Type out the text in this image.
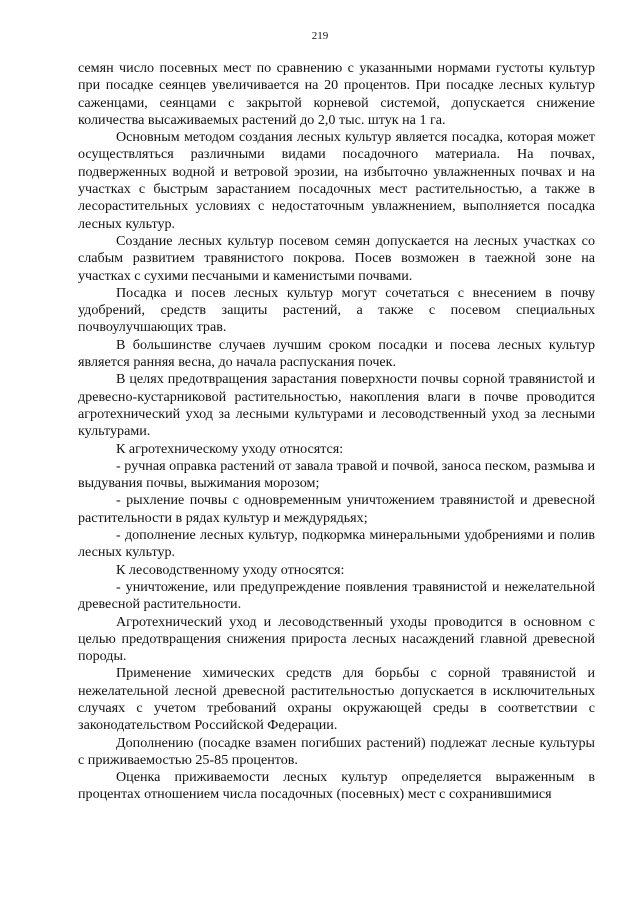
219

семян число посевных мест по сравнению с указанными нормами густоты культур при посадке сеянцев увеличивается на 20 процентов. При посадке лесных культур саженцами, сеянцами с закрытой корневой системой, допускается снижение количества высаживаемых растений до 2,0 тыс. штук на 1 га.

Основным методом создания лесных культур является посадка, которая может осуществляться различными видами посадочного материала. На почвах, подверженных водной и ветровой эрозии, на избыточно увлажненных почвах и на участках с быстрым зарастанием посадочных мест растительностью, а также в лесорастительных условиях с недостаточным увлажнением, выполняется посадка лесных культур.

Создание лесных культур посевом семян допускается на лесных участках со слабым развитием травянистого покрова. Посев возможен в таежной зоне на участках с сухими песчаными и каменистыми почвами.

Посадка и посев лесных культур могут сочетаться с внесением в почву удобрений, средств защиты растений, а также с посевом специальных почвоулучшающих трав.

В большинстве случаев лучшим сроком посадки и посева лесных культур является ранняя весна, до начала распускания почек.

В целях предотвращения зарастания поверхности почвы сорной травянистой и древесно-кустарниковой растительностью, накопления влаги в почве проводится агротехнический уход за лесными культурами и лесоводственный уход за лесными культурами.

К агротехническому уходу относятся:

- ручная оправка растений от завала травой и почвой, заноса песком, размыва и выдувания почвы, выжимания морозом;

- рыхление почвы с одновременным уничтожением травянистой и древесной растительности в рядах культур и междурядьях;

- дополнение лесных культур, подкормка минеральными удобрениями и полив лесных культур.

К лесоводственному уходу относятся:

- уничтожение, или предупреждение появления травянистой и нежелательной древесной растительности.

Агротехнический уход и лесоводственный уходы проводится в основном с целью предотвращения снижения прироста лесных насаждений главной древесной породы.

Применение химических средств для борьбы с сорной травянистой и нежелательной лесной древесной растительностью допускается в исключительных случаях с учетом требований охраны окружающей среды в соответствии с законодательством Российской Федерации.

Дополнению (посадке взамен погибших растений) подлежат лесные культуры с приживаемостью 25-85 процентов.

Оценка приживаемости лесных культур определяется выраженным в процентах отношением числа посадочных (посевных) мест с сохранившимися
